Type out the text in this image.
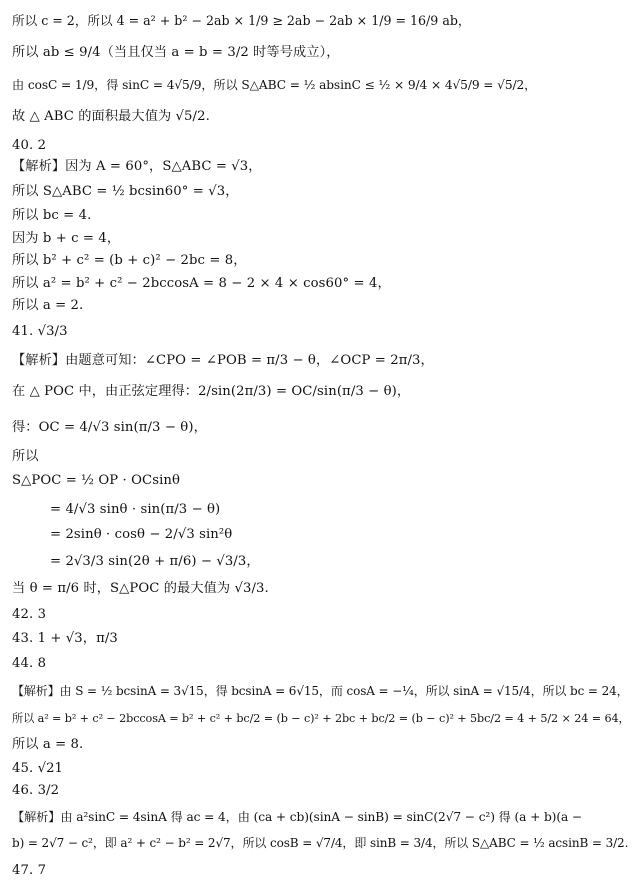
所以 c = 2，所以 4 = a² + b² − 2ab × 1/9 ≥ 2ab − 2ab × 1/9 = 16/9 ab，
所以 ab ≤ 9/4（当且仅当 a = b = 3/2 时等号成立），
由 cosC = 1/9，得 sinC = 4√5/9，所以 S△ABC = ½ absinC ≤ ½ × 9/4 × 4√5/9 = √5/2，
故 △ ABC 的面积最大值为 √5/2.
40. 2
【解析】因为 A = 60°，S△ABC = √3，
所以 S△ABC = ½ bcsin60° = √3，
所以 bc = 4.
因为 b + c = 4，
所以 b² + c² = (b + c)² − 2bc = 8，
所以 a² = b² + c² − 2bccosA = 8 − 2 × 4 × cos60° = 4，
所以 a = 2.
41. √3/3
【解析】由题意可知：∠CPO = ∠POB = π/3 − θ，∠OCP = 2π/3，
在 △ POC 中，由正弦定理得：2/sin(2π/3) = OC/sin(π/3 − θ)，
得：OC = 4/√3 sin(π/3 − θ)，
所以
S△POC = ½ OP · OCsinθ
= 4/√3 sinθ · sin(π/3 − θ)
= 2sinθ · cosθ − 2/√3 sin²θ
= 2√3/3 sin(2θ + π/6) − √3/3，
当 θ = π/6 时，S△POC 的最大值为 √3/3.
42. 3
43. 1 + √3，π/3
44. 8
【解析】由 S = ½ bcsinA = 3√15，得 bcsinA = 6√15，而 cosA = −¼，所以 sinA = √15/4，所以 bc = 24，
所以 a² = b² + c² − 2bccosA = b² + c² + bc/2 = (b − c)² + 2bc + bc/2 = (b − c)² + 5bc/2 = 4 + 5/2 × 24 = 64，
所以 a = 8.
45. √21
46. 3/2
【解析】由 a²sinC = 4sinA 得 ac = 4，由 (ca + cb)(sinA − sinB) = sinC(2√7 − c²) 得 (a + b)(a −
b) = 2√7 − c²，即 a² + c² − b² = 2√7，所以 cosB = √7/4，即 sinB = 3/4，所以 S△ABC = ½ acsinB = 3/2.
47. 7
